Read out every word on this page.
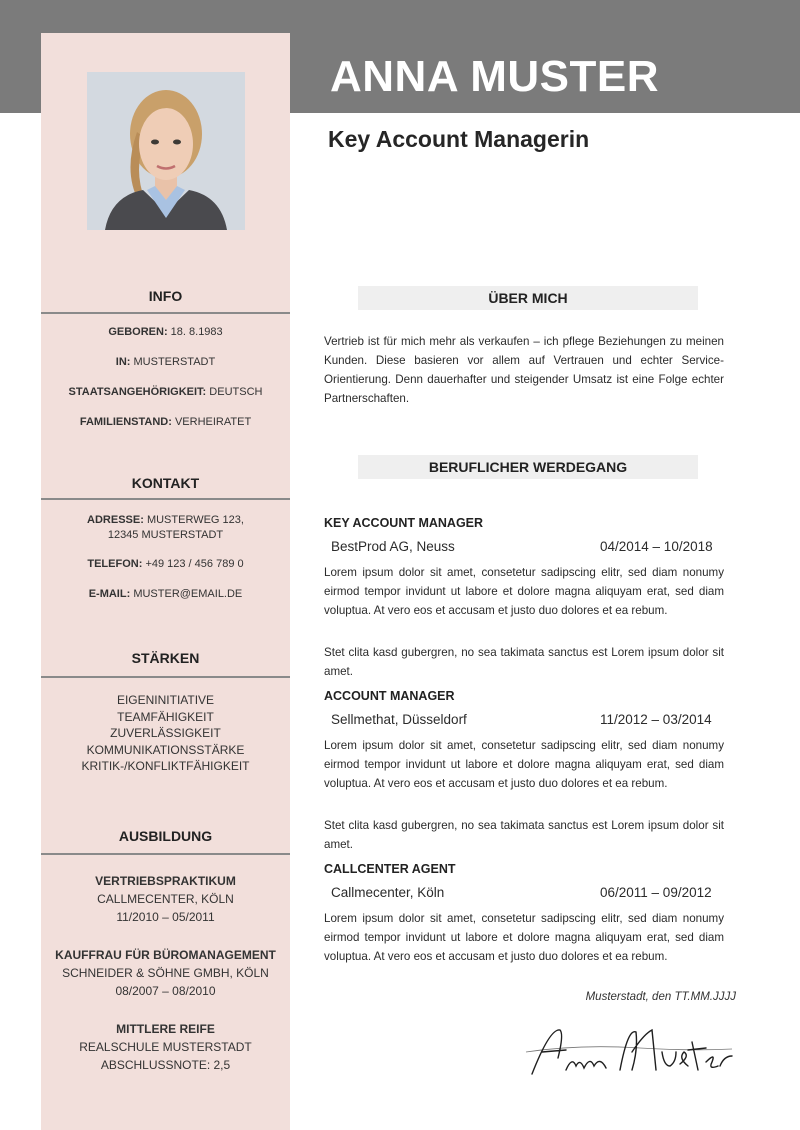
INFO
GEBOREN: 18. 8.1983
IN: MUSTERSTADT
STAATSANGEHÖRIGKEIT: DEUTSCH
FAMILIENSTAND: VERHEIRATET
KONTAKT
ADRESSE: MUSTERWEG 123,
12345 MUSTERSTADT
TELEFON: +49 123 / 456 789 0
E-MAIL: MUSTER@EMAIL.DE
STÄRKEN
EIGENINITIATIVE
TEAMFÄHIGKEIT
ZUVERLÄSSIGKEIT
KOMMUNIKATIONSSTÄRKE
KRITIK-/KONFLIKTFÄHIGKEIT
AUSBILDUNG
VERTRIEBSPRAKTIKUM
CALLMECENTER, KÖLN
11/2010 – 05/2011
KAUFFRAU FÜR BÜROMANAGEMENT
SCHNEIDER & SÖHNE GMBH, KÖLN
08/2007 – 08/2010
MITTLERE REIFE
REALSCHULE MUSTERSTADT
ABSCHLUSSNOTE: 2,5
ANNA MUSTER
Key Account Managerin
ÜBER MICH
Vertrieb ist für mich mehr als verkaufen – ich pflege Beziehungen zu meinen Kunden. Diese basieren vor allem auf Vertrauen und echter Service-Orientierung. Denn dauerhafter und steigender Umsatz ist eine Folge echter Partnerschaften.
BERUFLICHER WERDEGANG
KEY ACCOUNT MANAGER
BestProd AG, Neuss	04/2014 – 10/2018
Lorem ipsum dolor sit amet, consetetur sadipscing elitr, sed diam nonumy eirmod tempor invidunt ut labore et dolore magna aliquyam erat, sed diam voluptua. At vero eos et accusam et justo duo dolores et ea rebum.
Stet clita kasd gubergren, no sea takimata sanctus est Lorem ipsum dolor sit amet.
ACCOUNT MANAGER
Sellmethat, Düsseldorf	11/2012 – 03/2014
Lorem ipsum dolor sit amet, consetetur sadipscing elitr, sed diam nonumy eirmod tempor invidunt ut labore et dolore magna aliquyam erat, sed diam voluptua. At vero eos et accusam et justo duo dolores et ea rebum.
Stet clita kasd gubergren, no sea takimata sanctus est Lorem ipsum dolor sit amet.
CALLCENTER AGENT
Callmecenter, Köln	06/2011 – 09/2012
Lorem ipsum dolor sit amet, consetetur sadipscing elitr, sed diam nonumy eirmod tempor invidunt ut labore et dolore magna aliquyam erat, sed diam voluptua. At vero eos et accusam et justo duo dolores et ea rebum.
Musterstadt, den TT.MM.JJJJ
